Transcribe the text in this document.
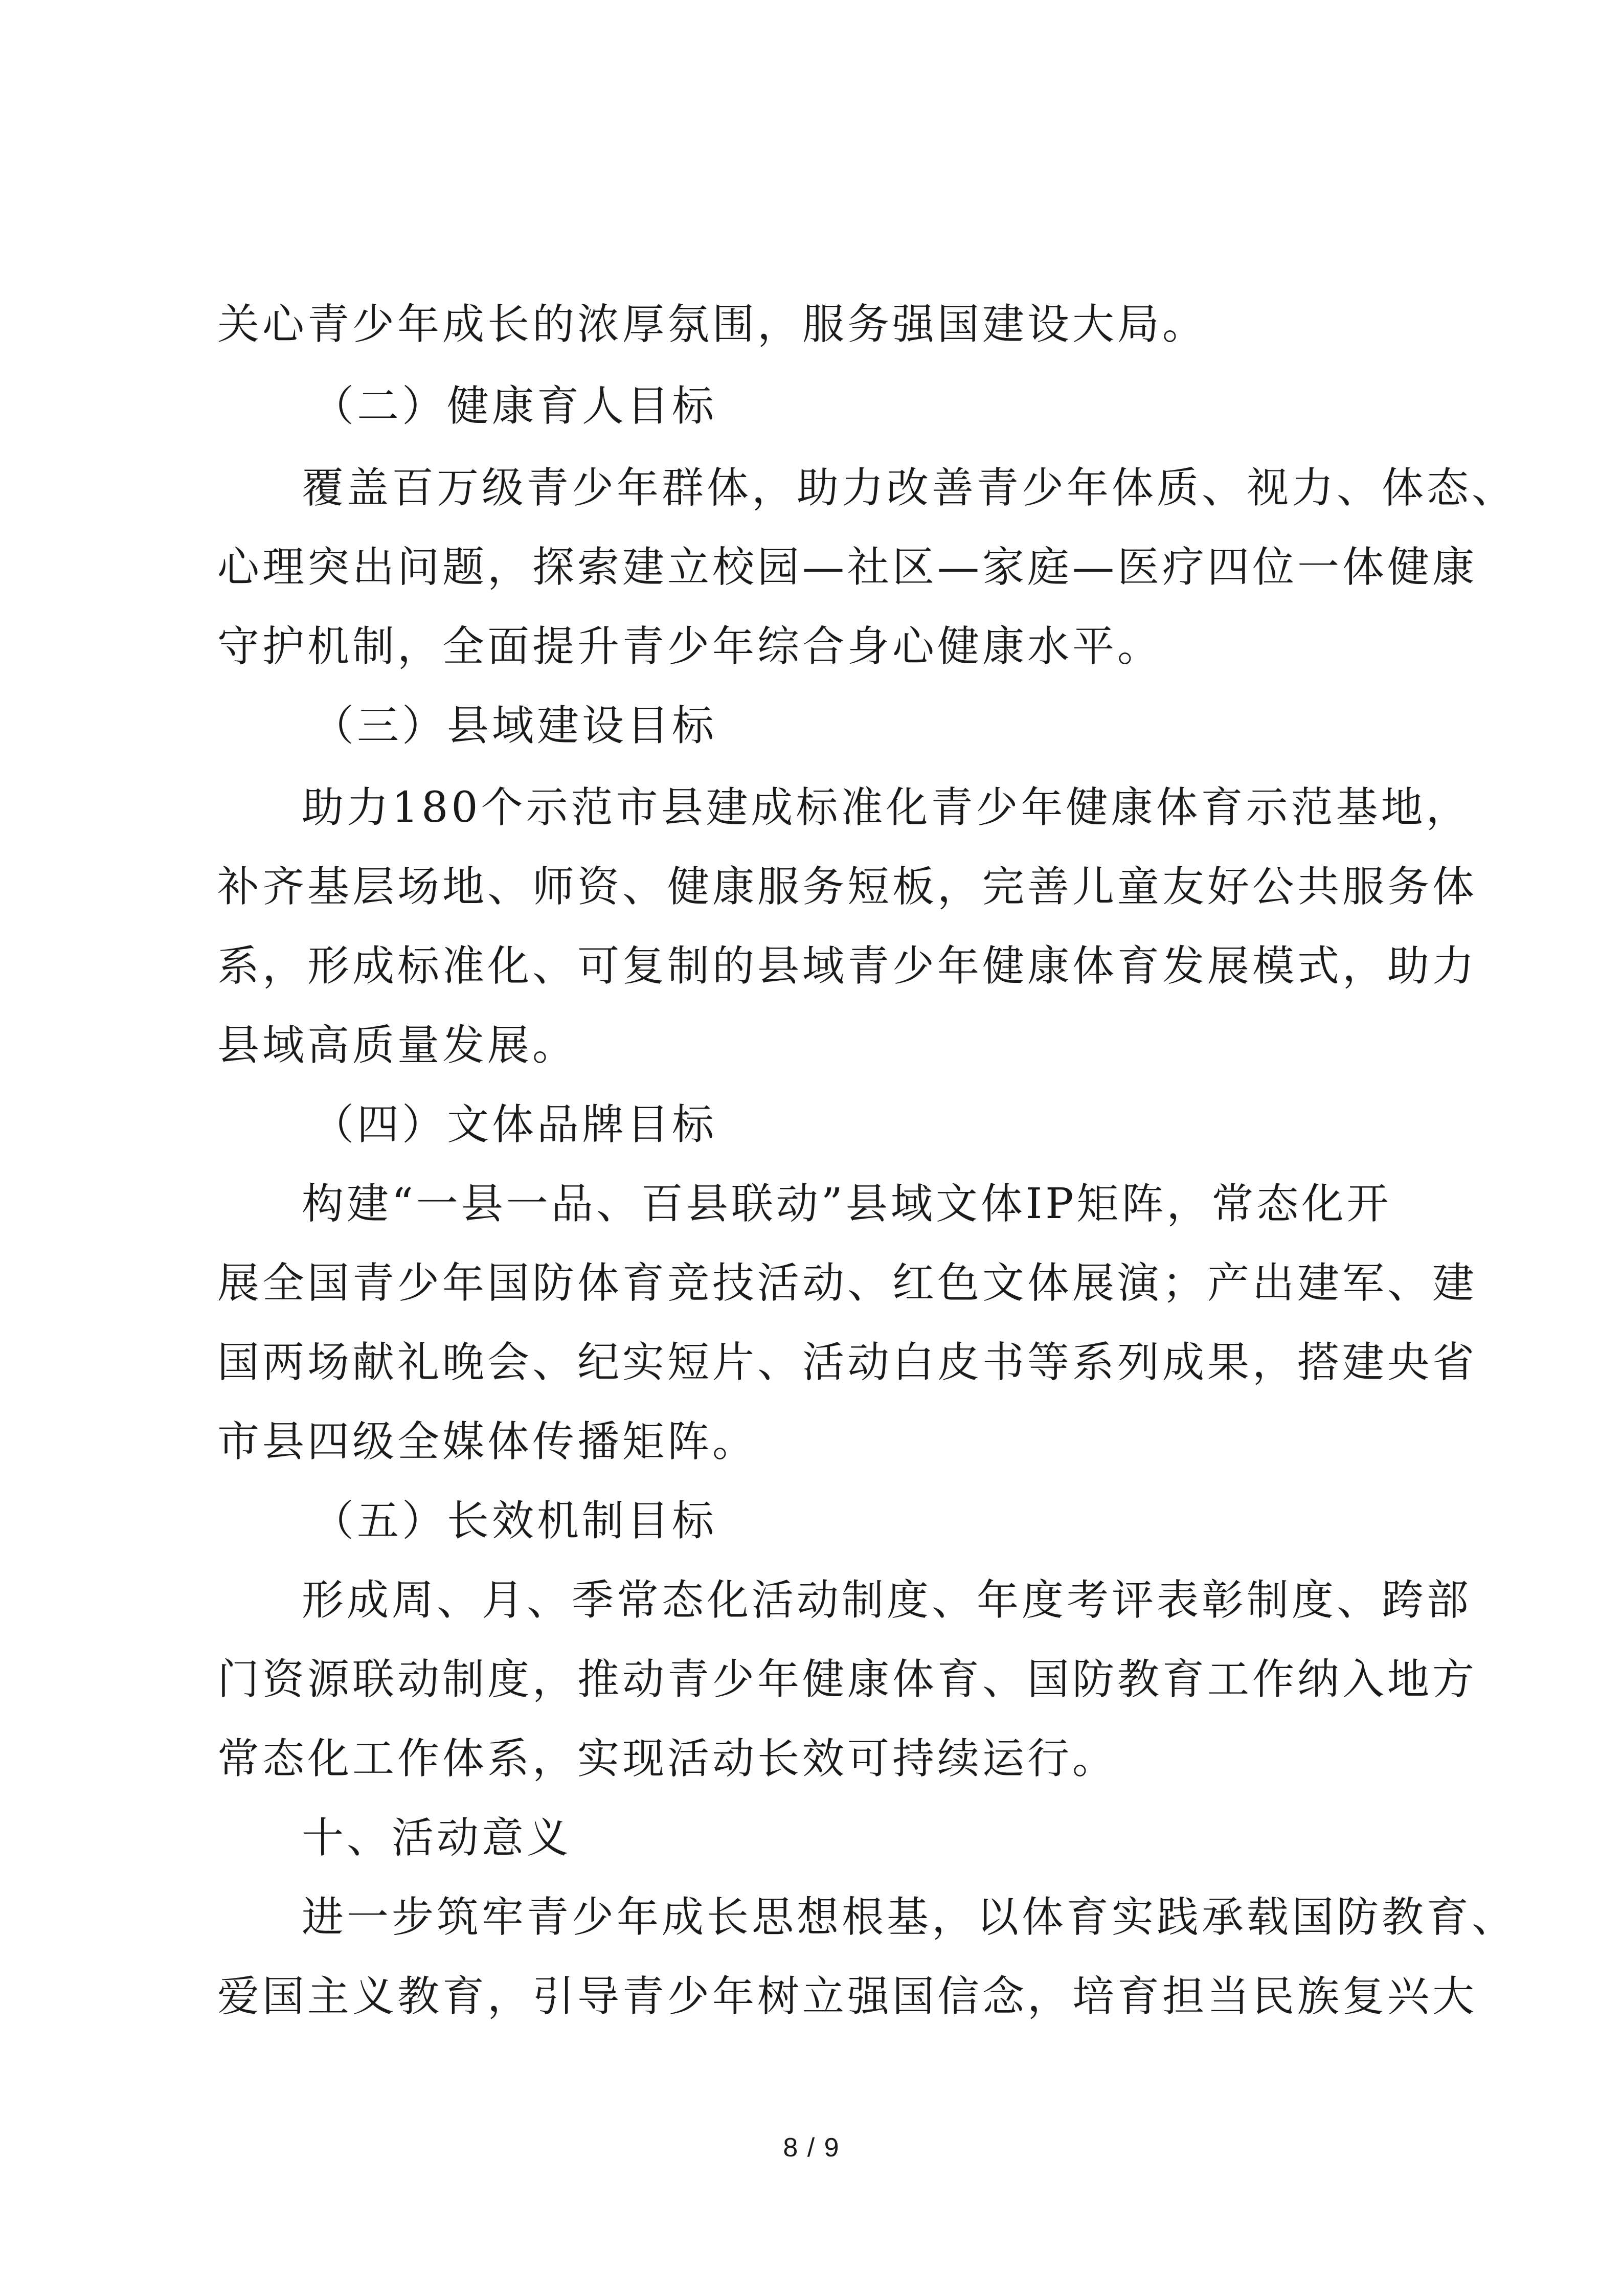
关心青少年成长的浓厚氛围，服务强国建设大局。
（二）健康育人目标
覆盖百万级青少年群体，助力改善青少年体质、视力、体态、
心理突出问题，探索建立校园—社区—家庭—医疗四位一体健康
守护机制，全面提升青少年综合身心健康水平。
（三）县域建设目标
助力180个示范市县建成标准化青少年健康体育示范基地，
补齐基层场地、师资、健康服务短板，完善儿童友好公共服务体
系，形成标准化、可复制的县域青少年健康体育发展模式，助力
县域高质量发展。
（四）文体品牌目标
构建“一县一品、百县联动”县域文体IP矩阵，常态化开
展全国青少年国防体育竞技活动、红色文体展演；产出建军、建
国两场献礼晚会、纪实短片、活动白皮书等系列成果，搭建央省
市县四级全媒体传播矩阵。
（五）长效机制目标
形成周、月、季常态化活动制度、年度考评表彰制度、跨部
门资源联动制度，推动青少年健康体育、国防教育工作纳入地方
常态化工作体系，实现活动长效可持续运行。
十、活动意义
进一步筑牢青少年成长思想根基，以体育实践承载国防教育、
爱国主义教育，引导青少年树立强国信念，培育担当民族复兴大
8 / 9
